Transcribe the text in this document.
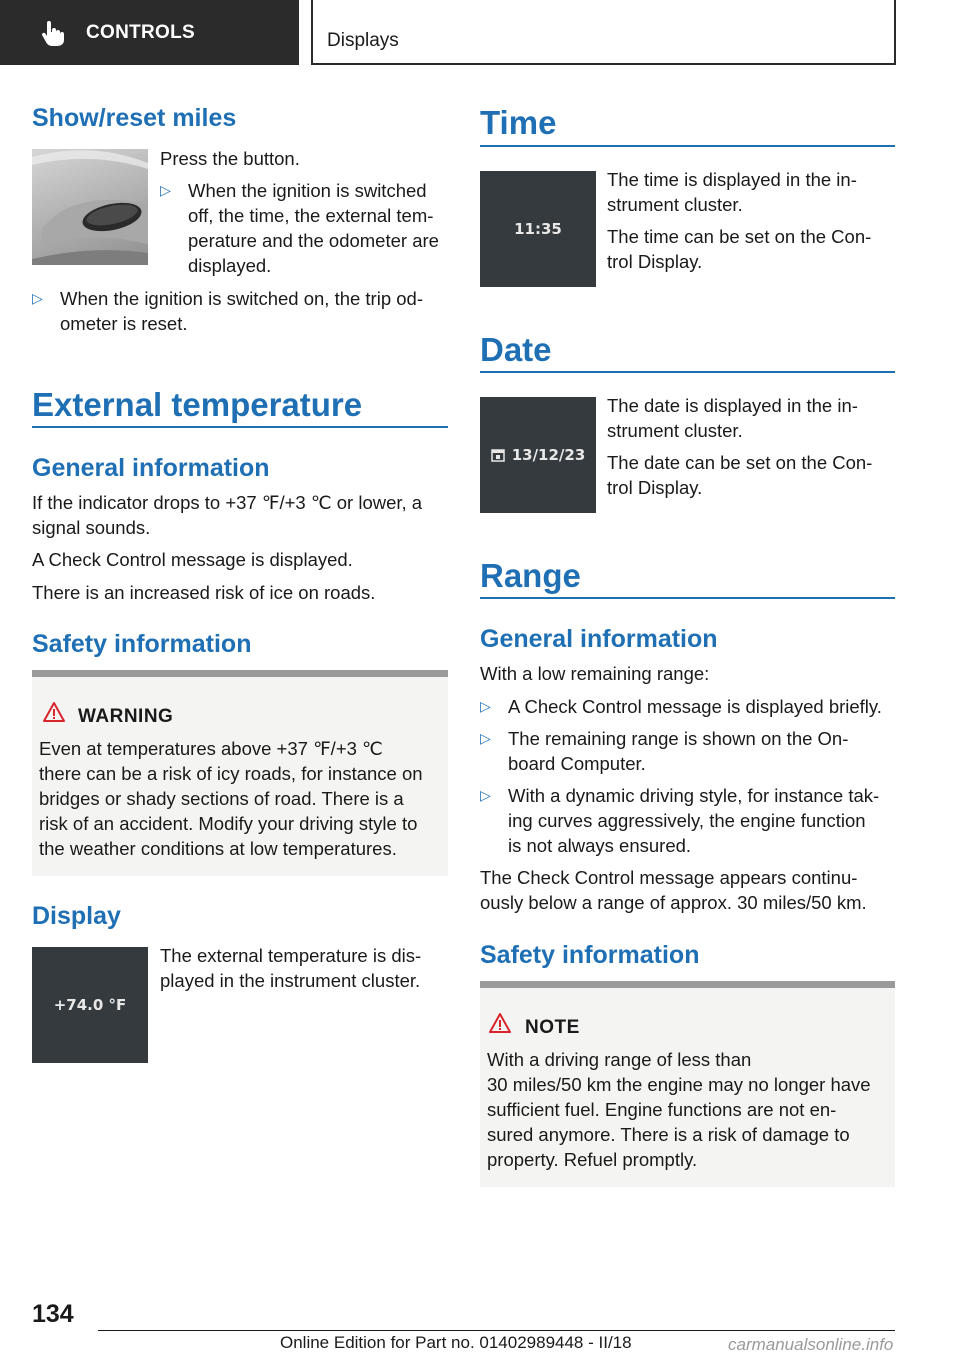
CONTROLS	Displays
Show/reset miles
Press the button.
▷ When the ignition is switched
off, the time, the external tem-
perature and the odometer are
displayed.
▷ When the ignition is switched on, the trip od-
ometer is reset.
External temperature
General information
If the indicator drops to +37 ℉/+3 ℃ or lower, a
signal sounds.
A Check Control message is displayed.
There is an increased risk of ice on roads.
Safety information
WARNING
Even at temperatures above +37 ℉/+3 ℃
there can be a risk of icy roads, for instance on
bridges or shady sections of road. There is a
risk of an accident. Modify your driving style to
the weather conditions at low temperatures.
Display
+74.0 °F
The external temperature is dis-
played in the instrument cluster.
Time
11:35
The time is displayed in the in-
strument cluster.
The time can be set on the Con-
trol Display.
Date
13/12/23
The date is displayed in the in-
strument cluster.
The date can be set on the Con-
trol Display.
Range
General information
With a low remaining range:
▷ A Check Control message is displayed briefly.
▷ The remaining range is shown on the On-
board Computer.
▷ With a dynamic driving style, for instance tak-
ing curves aggressively, the engine function
is not always ensured.
The Check Control message appears continu-
ously below a range of approx. 30 miles/50 km.
Safety information
NOTE
With a driving range of less than
30 miles/50 km the engine may no longer have
sufficient fuel. Engine functions are not en-
sured anymore. There is a risk of damage to
property. Refuel promptly.
134
Online Edition for Part no. 01402989448 - II/18	carmanualsonline.info
